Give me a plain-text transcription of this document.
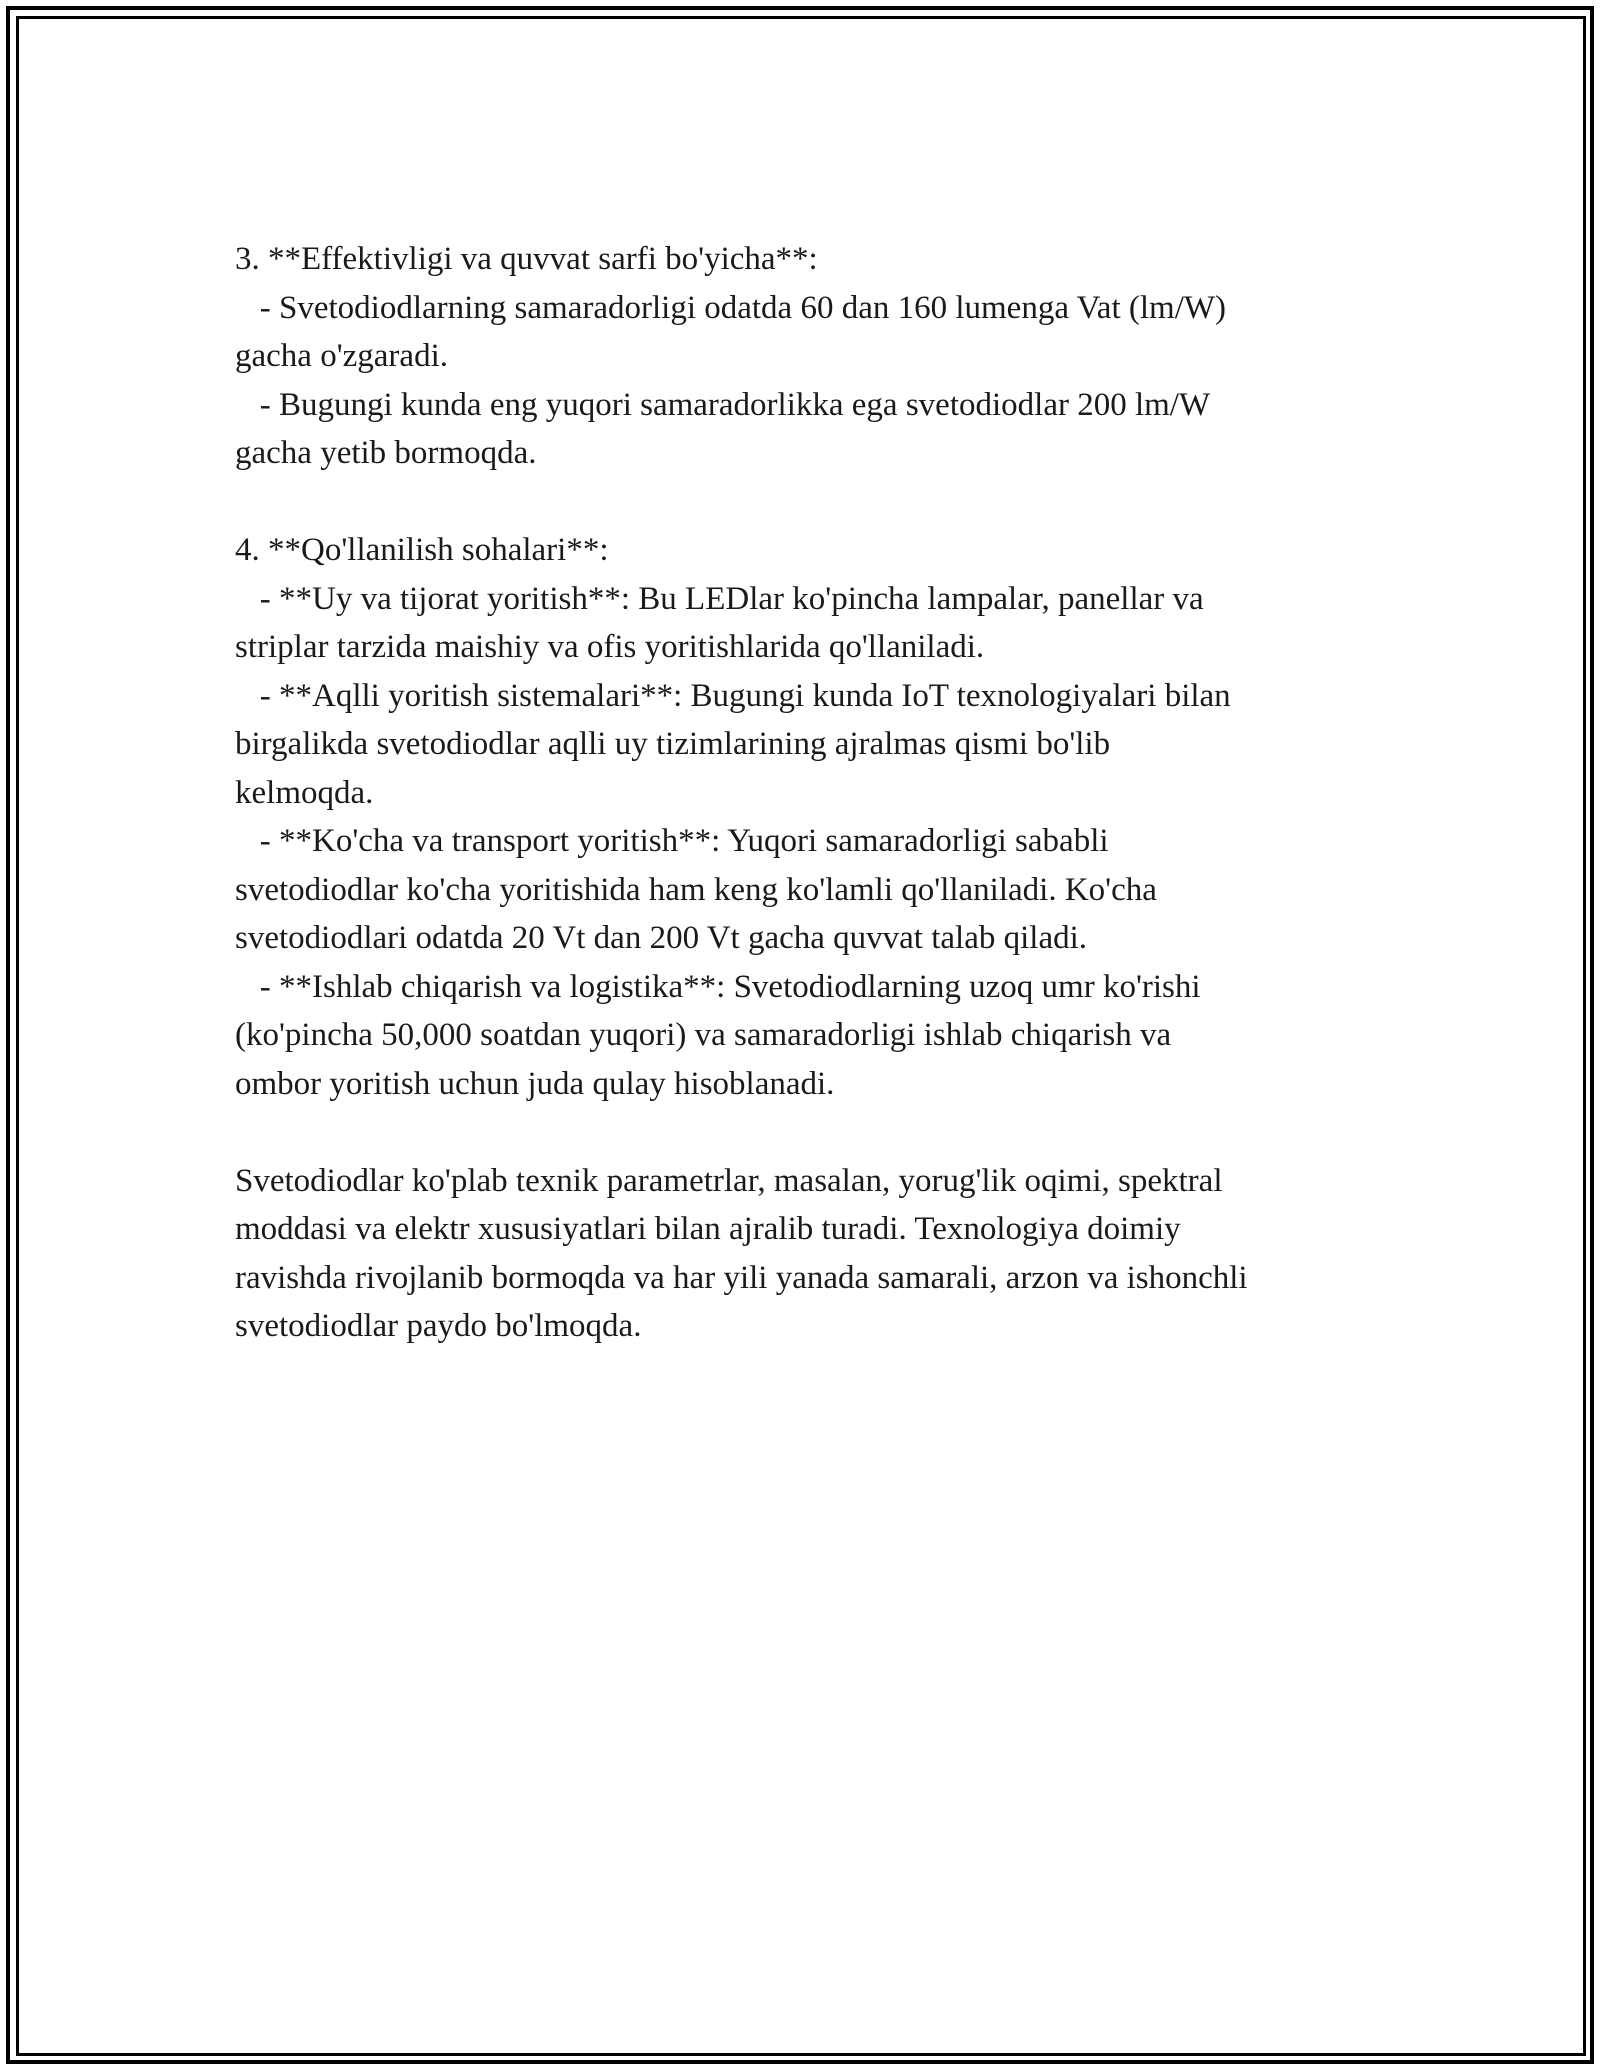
3. **Effektivligi va quvvat sarfi bo'yicha**:
- Svetodiodlarning samaradorligi odatda 60 dan 160 lumenga Vat (lm/W)
gacha o'zgaradi.
- Bugungi kunda eng yuqori samaradorlikka ega svetodiodlar 200 lm/W
gacha yetib bormoqda.
4. **Qo'llanilish sohalari**:
- **Uy va tijorat yoritish**: Bu LEDlar ko'pincha lampalar, panellar va
striplar tarzida maishiy va ofis yoritishlarida qo'llaniladi.
- **Aqlli yoritish sistemalari**: Bugungi kunda IoT texnologiyalari bilan
birgalikda svetodiodlar aqlli uy tizimlarining ajralmas qismi bo'lib
kelmoqda.
- **Ko'cha va transport yoritish**: Yuqori samaradorligi sababli
svetodiodlar ko'cha yoritishida ham keng ko'lamli qo'llaniladi. Ko'cha
svetodiodlari odatda 20 Vt dan 200 Vt gacha quvvat talab qiladi.
- **Ishlab chiqarish va logistika**: Svetodiodlarning uzoq umr ko'rishi
(ko'pincha 50,000 soatdan yuqori) va samaradorligi ishlab chiqarish va
ombor yoritish uchun juda qulay hisoblanadi.
Svetodiodlar ko'plab texnik parametrlar, masalan, yorug'lik oqimi, spektral
moddasi va elektr xususiyatlari bilan ajralib turadi. Texnologiya doimiy
ravishda rivojlanib bormoqda va har yili yanada samarali, arzon va ishonchli
svetodiodlar paydo bo'lmoqda.
